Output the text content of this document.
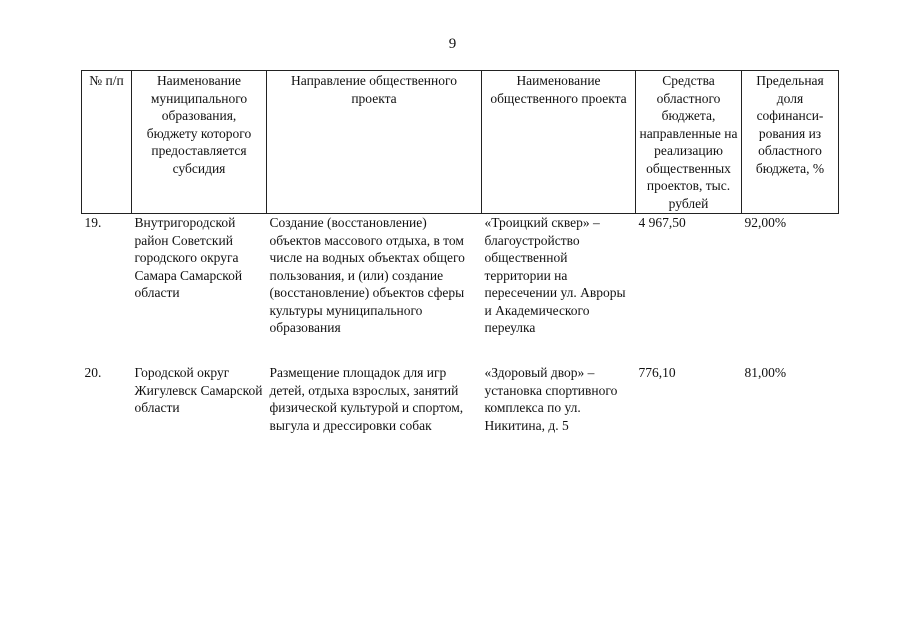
9
№ п/п	Наименование муниципального образования, бюджету которого предоставляется субсидия	Направление общественного проекта	Наименование общественного проекта	Средства областного бюджета, направленные на реализацию общественных проектов, тыс. рублей	Предельная доля софинанси-рования из областного бюджета, %
19.	Внутригородской район Советский городского округа Самара Самарской области	Создание (восстановление) объектов массового отдыха, в том числе на водных объектах общего пользования, и (или) создание (восстановление) объектов сферы культуры муниципального образования	«Троицкий сквер» – благоустройство общественной территории на пересечении ул. Авроры и Академического переулка	4 967,50	92,00%
20.	Городской округ Жигулевск Самарской области	Размещение площадок для игр детей, отдыха взрослых, занятий физической культурой и спортом, выгула и дрессировки собак	«Здоровый двор» – установка спортивного комплекса по ул. Никитина, д. 5	776,10	81,00%
